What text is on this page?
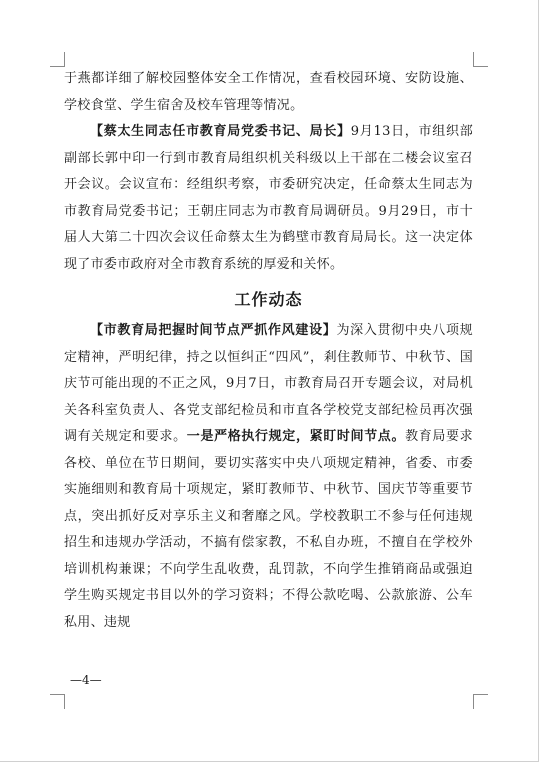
于燕都详细了解校园整体安全工作情况，查看校园环境、安防设施、学校食堂、学生宿舍及校车管理等情况。

【蔡太生同志任市教育局党委书记、局长】9月13日，市组织部副部长郭中印一行到市教育局组织机关科级以上干部在二楼会议室召开会议。会议宣布：经组织考察，市委研究决定，任命蔡太生同志为市教育局党委书记；王朝庄同志为市教育局调研员。9月29日，市十届人大第二十四次会议任命蔡太生为鹤壁市教育局局长。这一决定体现了市委市政府对全市教育系统的厚爱和关怀。

工作动态

【市教育局把握时间节点严抓作风建设】为深入贯彻中央八项规定精神，严明纪律，持之以恒纠正“四风”，剎住教师节、中秋节、国庆节可能出现的不正之风，9月7日，市教育局召开专题会议，对局机关各科室负责人、各党支部纪检员和市直各学校党支部纪检员再次强调有关规定和要求。一是严格执行规定，紧盯时间节点。教育局要求各校、单位在节日期间，要切实落实中央八项规定精神，省委、市委实施细则和教育局十项规定，紧盯教师节、中秋节、国庆节等重要节点，突出抓好反对享乐主义和奢靡之风。学校教职工不参与任何违规招生和违规办学活动，不搞有偿家教，不私自办班，不擅自在学校外培训机构兼课；不向学生乱收费，乱罚款，不向学生推销商品或强迫学生购买规定书目以外的学习资料；不得公款吃喝、公款旅游、公车私用、违规

—4—
